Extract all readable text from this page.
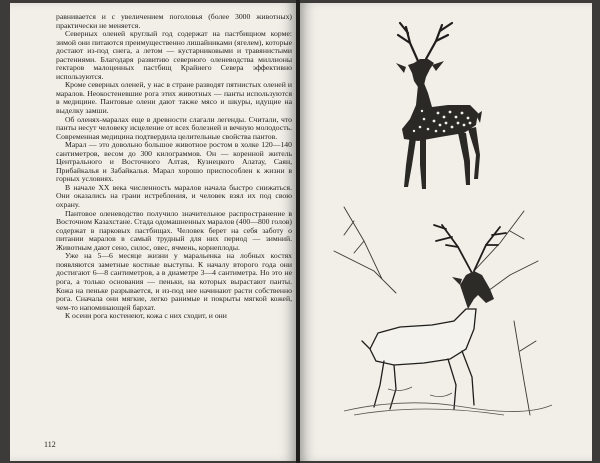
равнивается и с увеличением поголовья (более 3000 животных) практически не меняется.

Северных оленей круглый год содержат на пастбищном корме: зимой они питаются преимущественно лишайниками (ягелем), которые достают из-под снега, а летом — кустарниковыми и травянистыми растениями. Благодаря развитию северного оленеводства миллионы гектаров малоценных пастбищ Крайнего Севера эффективно используются.

Кроме северных оленей, у нас в стране разводят пятнистых оленей и маралов. Неокостеневшие рога этих животных — панты используются в медицине. Пантовые олени дают также мясо и шкуры, идущие на выделку замши.

Об оленях-маралах еще в древности слагали легенды. Считали, что панты несут человеку исцеление от всех болезней и вечную молодость. Современная медицина подтвердила целительные свойства пантов.

Марал — это довольно большое животное ростом в холке 120—140 сантиметров, весом до 300 килограммов. Он — коренной житель Центрального и Восточного Алтая, Кузнецкого Алатау, Саян, Прибайкалья и Забайкалья. Марал хорошо приспособлен к жизни в горных условиях.

В начале XX века численность маралов начала быстро снижаться. Они оказались на грани истребления, и человек взял их под свою охрану.

Пантовое оленеводство получило значительное распространение в Восточном Казахстане. Стада одомашненных маралов (400—800 голов) содержат в парковых пастбищах. Человек берет на себя заботу о питании маралов в самый трудный для них период — зимний. Животным дают сено, силос, овес, ячмень, корнеплоды.

Уже на 5—6 месяце жизни у маральенка на лобных костях появляются заметные костные выступы. К началу второго года они достигают 6—8 сантиметров, а в диаметре 3—4 сантиметра. Но это не рога, а только основания — пеньки, на которых вырастают панты. Кожа на пеньке разрывается, и из-под нее начинают расти собственно рога. Сначала они мягкие, легко ранимые и покрыты мягкой кожей, чем-то напоминающей бархат.

К осени рога костенеют, кожа с них сходит, и они

112
